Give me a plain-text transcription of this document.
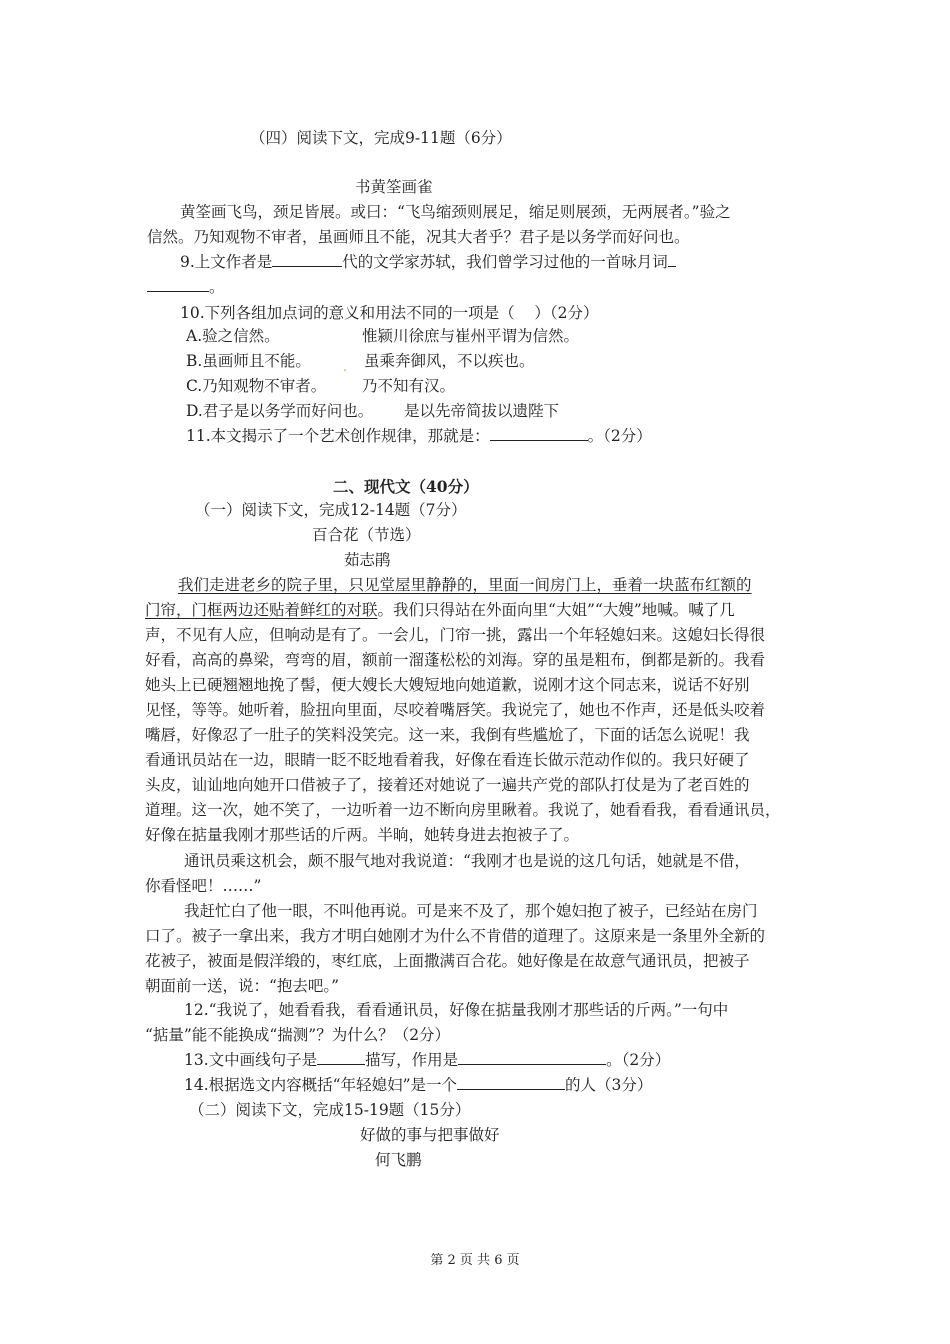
（四）阅读下文，完成9-11题（6分）
书黄筌画雀
黄筌画飞鸟，颈足皆展。或曰：“飞鸟缩颈则展足，缩足则展颈，无两展者。”验之
信然。乃知观物不审者，虽画师且不能，况其大者乎？君子是以务学而好问也。
9.上文作者是	代的文学家苏轼，我们曾学习过他的一首咏月词
。
10.下列各组加点词的意义和用法不同的一项是（    ）（2分）
A.验之信然。	惟颍川徐庶与崔州平谓为信然。
B.虽画师且不能。	. 虽乘奔御风，不以疾也。
C.乃知观物不审者。 乃不知有汉。
D.君子是以务学而好问也。 是以先帝简拔以遗陛下
11.本文揭示了一个艺术创作规律，那就是：	。（2分）
二、现代文（40分）
（一）阅读下文，完成12-14题（7分）
百合花（节选）
茹志鹃
我们走进老乡的院子里，只见堂屋里静静的，里面一间房门上，垂着一块蓝布红额的
门帘，门框两边还贴着鲜红的对联。我们只得站在外面向里“大姐”“大嫂”地喊。喊了几
声，不见有人应，但响动是有了。一会儿，门帘一挑，露出一个年轻媳妇来。这媳妇长得很
好看，高高的鼻梁，弯弯的眉，额前一溜蓬松松的刘海。穿的虽是粗布，倒都是新的。我看
她头上已硬翘翘地挽了髻，便大嫂长大嫂短地向她道歉，说刚才这个同志来，说话不好别
见怪，等等。她听着，脸扭向里面，尽咬着嘴唇笑。我说完了，她也不作声，还是低头咬着
嘴唇，好像忍了一肚子的笑料没笑完。这一来，我倒有些尴尬了，下面的话怎么说呢！我
看通讯员站在一边，眼睛一眨不眨地看着我，好像在看连长做示范动作似的。我只好硬了
头皮，讪讪地向她开口借被子了，接着还对她说了一遍共产党的部队打仗是为了老百姓的
道理。这一次，她不笑了，一边听着一边不断向房里瞅着。我说了，她看看我，看看通讯员，
好像在掂量我刚才那些话的斤两。半晌，她转身进去抱被子了。
通讯员乘这机会，颇不服气地对我说道：“我刚才也是说的这几句话，她就是不借，
你看怪吧！……”
我赶忙白了他一眼，不叫他再说。可是来不及了，那个媳妇抱了被子，已经站在房门
口了。被子一拿出来，我方才明白她刚才为什么不肯借的道理了。这原来是一条里外全新的
花被子，被面是假洋缎的，枣红底，上面撒满百合花。她好像是在故意气通讯员，把被子
朝面前一送，说：“抱去吧。”
12.“我说了，她看看我，看看通讯员，好像在掂量我刚才那些话的斤两。”一句中
“掂量”能不能换成“揣测”？为什么？（2分）
13.文中画线句子是	描写，作用是	。（2分）
14.根据选文内容概括“年轻媳妇”是一个	的人（3分）
（二）阅读下文，完成15-19题（15分）
好做的事与把事做好
何飞鹏
第 2 页 共 6 页
